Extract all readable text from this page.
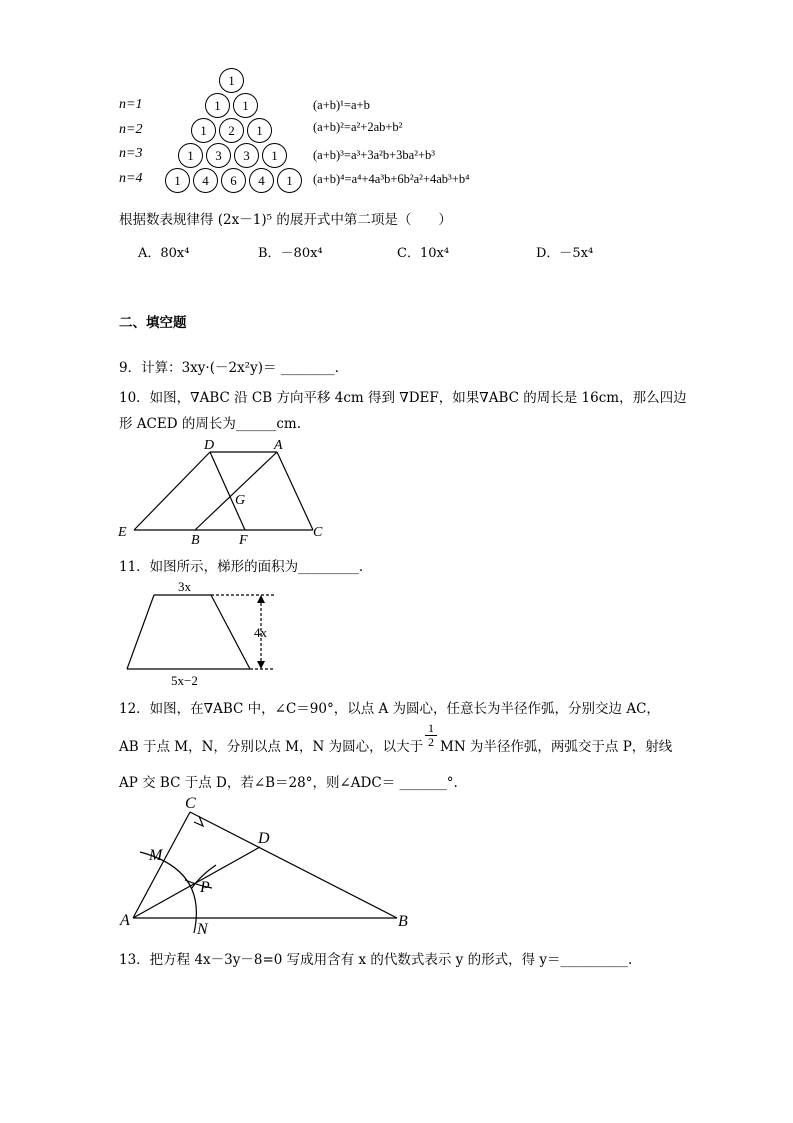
1
n=1	1	1	(a+b)¹=a+b
n=2	1	2	1	(a+b)²=a²+2ab+b²
n=3	1	3	3	1	(a+b)³=a³+3a²b+3ba²+b³
n=4	1	4	6	4	1	(a+b)⁴=a⁴+4a³b+6b²a²+4ab³+b⁴
根据数表规律得 (2x－1)⁵ 的展开式中第二项是（　　）
A．80x⁴	B．－80x⁴	C．10x⁴	D．－5x⁴
二、填空题
9．计算：3xy·(－2x²y)＝ ________．
10．如图，∇ABC 沿 CB 方向平移 4cm 得到 ∇DEF，如果∇ABC 的周长是 16cm，那么四边
形 ACED 的周长为______cm.
D	A
G
E
B	F
C
11．如图所示，梯形的面积为_________.
3x
4x
5x−2
12．如图，在∇ABC 中，∠C＝90°，以点 A 为圆心，任意长为半径作弧，分别交边 AC，
AB 于点 M，N，分别以点 M，N 为圆心，以大于 $\frac{1}{2}$ MN 为半径作弧，两弧交于点 P，射线
AP 交 BC 于点 D，若∠B＝28°，则∠ADC＝ _______°.
C
D
M
P
A
N	B
13．把方程 4x－3y－8=0 写成用含有 x 的代数式表示 y 的形式，得 y＝__________.
